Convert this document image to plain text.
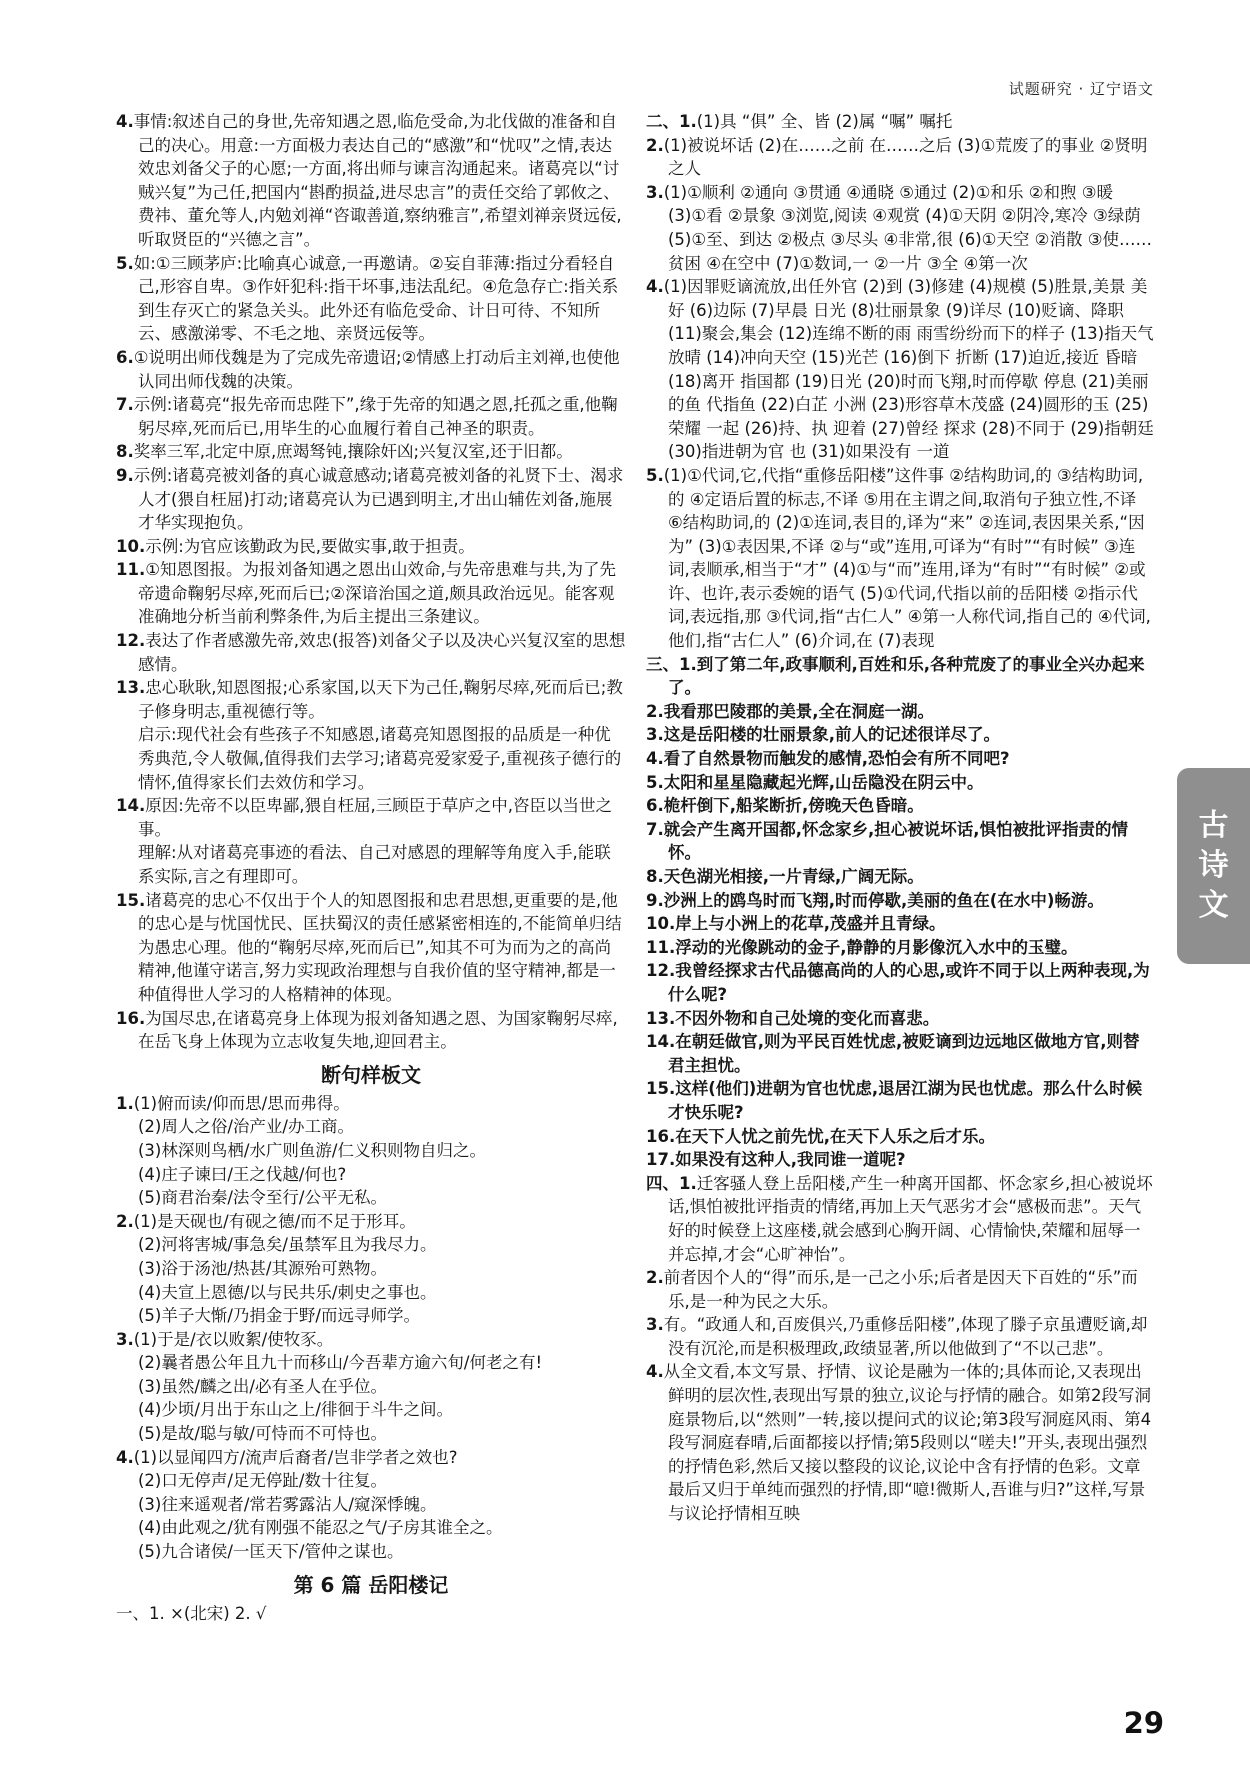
试题研究 · 辽宁语文

4.事情:叙述自己的身世,先帝知遇之恩,临危受命,为北伐做的准备和自己的决心。用意:一方面极力表达自己的“感激”和“忧叹”之情,表达效忠刘备父子的心愿;一方面,将出师与谏言沟通起来。诸葛亮以“讨贼兴复”为己任,把国内“斟酌损益,进尽忠言”的责任交给了郭攸之、费祎、董允等人,内勉刘禅“咨诹善道,察纳雅言”,希望刘禅亲贤远佞,听取贤臣的“兴德之言”。

5.如:①三顾茅庐:比喻真心诚意,一再邀请。②妄自菲薄:指过分看轻自己,形容自卑。③作奸犯科:指干坏事,违法乱纪。④危急存亡:指关系到生存灭亡的紧急关头。此外还有临危受命、计日可待、不知所云、感激涕零、不毛之地、亲贤远佞等。

6.①说明出师伐魏是为了完成先帝遗诏;②情感上打动后主刘禅,也使他认同出师伐魏的决策。

7.示例:诸葛亮“报先帝而忠陛下”,缘于先帝的知遇之恩,托孤之重,他鞠躬尽瘁,死而后已,用毕生的心血履行着自己神圣的职责。

8.奖率三军,北定中原,庶竭驽钝,攘除奸凶;兴复汉室,还于旧都。

9.示例:诸葛亮被刘备的真心诚意感动;诸葛亮被刘备的礼贤下士、渴求人才(猥自枉屈)打动;诸葛亮认为已遇到明主,才出山辅佐刘备,施展才华实现抱负。

10.示例:为官应该勤政为民,要做实事,敢于担责。

11.①知恩图报。为报刘备知遇之恩出山效命,与先帝患难与共,为了先帝遗命鞠躬尽瘁,死而后已;②深谙治国之道,颇具政治远见。能客观准确地分析当前利弊条件,为后主提出三条建议。

12.表达了作者感激先帝,效忠(报答)刘备父子以及决心兴复汉室的思想感情。

13.忠心耿耿,知恩图报;心系家国,以天下为己任,鞠躬尽瘁,死而后已;教子修身明志,重视德行等。

启示:现代社会有些孩子不知感恩,诸葛亮知恩图报的品质是一种优秀典范,令人敬佩,值得我们去学习;诸葛亮爱家爱子,重视孩子德行的情怀,值得家长们去效仿和学习。

14.原因:先帝不以臣卑鄙,猥自枉屈,三顾臣于草庐之中,咨臣以当世之事。

理解:从对诸葛亮事迹的看法、自己对感恩的理解等角度入手,能联系实际,言之有理即可。

15.诸葛亮的忠心不仅出于个人的知恩图报和忠君思想,更重要的是,他的忠心是与忧国忧民、匡扶蜀汉的责任感紧密相连的,不能简单归结为愚忠心理。他的“鞠躬尽瘁,死而后已”,知其不可为而为之的高尚精神,他谨守诺言,努力实现政治理想与自我价值的坚守精神,都是一种值得世人学习的人格精神的体现。

16.为国尽忠,在诸葛亮身上体现为报刘备知遇之恩、为国家鞠躬尽瘁,在岳飞身上体现为立志收复失地,迎回君主。

断句样板文

1.(1)俯而读/仰而思/思而弗得。

(2)周人之俗/治产业/办工商。

(3)林深则鸟栖/水广则鱼游/仁义积则物自归之。

(4)庄子谏曰/王之伐越/何也?

(5)商君治秦/法令至行/公平无私。

2.(1)是天砚也/有砚之德/而不足于形耳。

(2)河将害城/事急矣/虽禁军且为我尽力。

(3)浴于汤池/热甚/其源殆可熟物。

(4)夫宣上恩德/以与民共乐/刺史之事也。

(5)羊子大惭/乃捐金于野/而远寻师学。

3.(1)于是/衣以败絮/使牧豕。

(2)曩者愚公年且九十而移山/今吾辈方逾六旬/何老之有!

(3)虽然/麟之出/必有圣人在乎位。

(4)少顷/月出于东山之上/徘徊于斗牛之间。

(5)是故/聪与敏/可恃而不可恃也。

4.(1)以显闻四方/流声后裔者/岂非学者之效也?

(2)口无停声/足无停趾/数十往复。

(3)往来遥观者/常若雾露沾人/窥深悸魄。

(4)由此观之/犹有刚强不能忍之气/子房其谁全之。

(5)九合诸侯/一匡天下/管仲之谋也。

第 6 篇 岳阳楼记

一、1. ×(北宋) 2. √

二、1.(1)具 “俱” 全、皆 (2)属 “嘱” 嘱托

2.(1)被说坏话 (2)在……之前 在……之后 (3)①荒废了的事业 ②贤明之人

3.(1)①顺利 ②通向 ③贯通 ④通晓 ⑤通过 (2)①和乐 ②和煦 ③暖 (3)①看 ②景象 ③浏览,阅读 ④观赏 (4)①天阴 ②阴冷,寒冷 ③绿荫 (5)①至、到达 ②极点 ③尽头 ④非常,很 (6)①天空 ②消散 ③使……贫困 ④在空中 (7)①数词,一 ②一片 ③全 ④第一次

4.(1)因罪贬谪流放,出任外官 (2)到 (3)修建 (4)规模 (5)胜景,美景 美好 (6)边际 (7)早晨 日光 (8)壮丽景象 (9)详尽 (10)贬谪、降职 (11)聚会,集会 (12)连绵不断的雨 雨雪纷纷而下的样子 (13)指天气放晴 (14)冲向天空 (15)光芒 (16)倒下 折断 (17)迫近,接近 昏暗 (18)离开 指国都 (19)日光 (20)时而飞翔,时而停歇 停息 (21)美丽的鱼 代指鱼 (22)白芷 小洲 (23)形容草木茂盛 (24)圆形的玉 (25)荣耀 一起 (26)持、执 迎着 (27)曾经 探求 (28)不同于 (29)指朝廷 (30)指进朝为官 也 (31)如果没有 一道

5.(1)①代词,它,代指“重修岳阳楼”这件事 ②结构助词,的 ③结构助词,的 ④定语后置的标志,不译 ⑤用在主谓之间,取消句子独立性,不译 ⑥结构助词,的 (2)①连词,表目的,译为“来” ②连词,表因果关系,“因为” (3)①表因果,不译 ②与“或”连用,可译为“有时”“有时候” ③连词,表顺承,相当于“才” (4)①与“而”连用,译为“有时”“有时候” ②或许、也许,表示委婉的语气 (5)①代词,代指以前的岳阳楼 ②指示代词,表远指,那 ③代词,指“古仁人” ④第一人称代词,指自己的 ④代词,他们,指“古仁人” (6)介词,在 (7)表现

三、1.到了第二年,政事顺利,百姓和乐,各种荒废了的事业全兴办起来了。

2.我看那巴陵郡的美景,全在洞庭一湖。

3.这是岳阳楼的壮丽景象,前人的记述很详尽了。

4.看了自然景物而触发的感情,恐怕会有所不同吧?

5.太阳和星星隐藏起光辉,山岳隐没在阴云中。

6.桅杆倒下,船桨断折,傍晚天色昏暗。

7.就会产生离开国都,怀念家乡,担心被说坏话,惧怕被批评指责的情怀。

8.天色湖光相接,一片青绿,广阔无际。

9.沙洲上的鸥鸟时而飞翔,时而停歇,美丽的鱼在(在水中)畅游。

10.岸上与小洲上的花草,茂盛并且青绿。

11.浮动的光像跳动的金子,静静的月影像沉入水中的玉璧。

12.我曾经探求古代品德高尚的人的心思,或许不同于以上两种表现,为什么呢?

13.不因外物和自己处境的变化而喜悲。

14.在朝廷做官,则为平民百姓忧虑,被贬谪到边远地区做地方官,则替君主担忧。

15.这样(他们)进朝为官也忧虑,退居江湖为民也忧虑。那么什么时候才快乐呢?

16.在天下人忧之前先忧,在天下人乐之后才乐。

17.如果没有这种人,我同谁一道呢?

四、1.迁客骚人登上岳阳楼,产生一种离开国都、怀念家乡,担心被说坏话,惧怕被批评指责的情绪,再加上天气恶劣才会“感极而悲”。天气好的时候登上这座楼,就会感到心胸开阔、心情愉快,荣耀和屈辱一并忘掉,才会“心旷神怡”。

2.前者因个人的“得”而乐,是一己之小乐;后者是因天下百姓的“乐”而乐,是一种为民之大乐。

3.有。“政通人和,百废俱兴,乃重修岳阳楼”,体现了滕子京虽遭贬谪,却没有沉沦,而是积极理政,政绩显著,所以他做到了“不以己悲”。

4.从全文看,本文写景、抒情、议论是融为一体的;具体而论,又表现出鲜明的层次性,表现出写景的独立,议论与抒情的融合。如第2段写洞庭景物后,以“然则”一转,接以提问式的议论;第3段写洞庭风雨、第4段写洞庭春晴,后面都接以抒情;第5段则以“嗟夫!”开头,表现出强烈的抒情色彩,然后又接以整段的议论,议论中含有抒情的色彩。文章最后又归于单纯而强烈的抒情,即“噫!微斯人,吾谁与归?”这样,写景与议论抒情相互映

古
诗
文
29
